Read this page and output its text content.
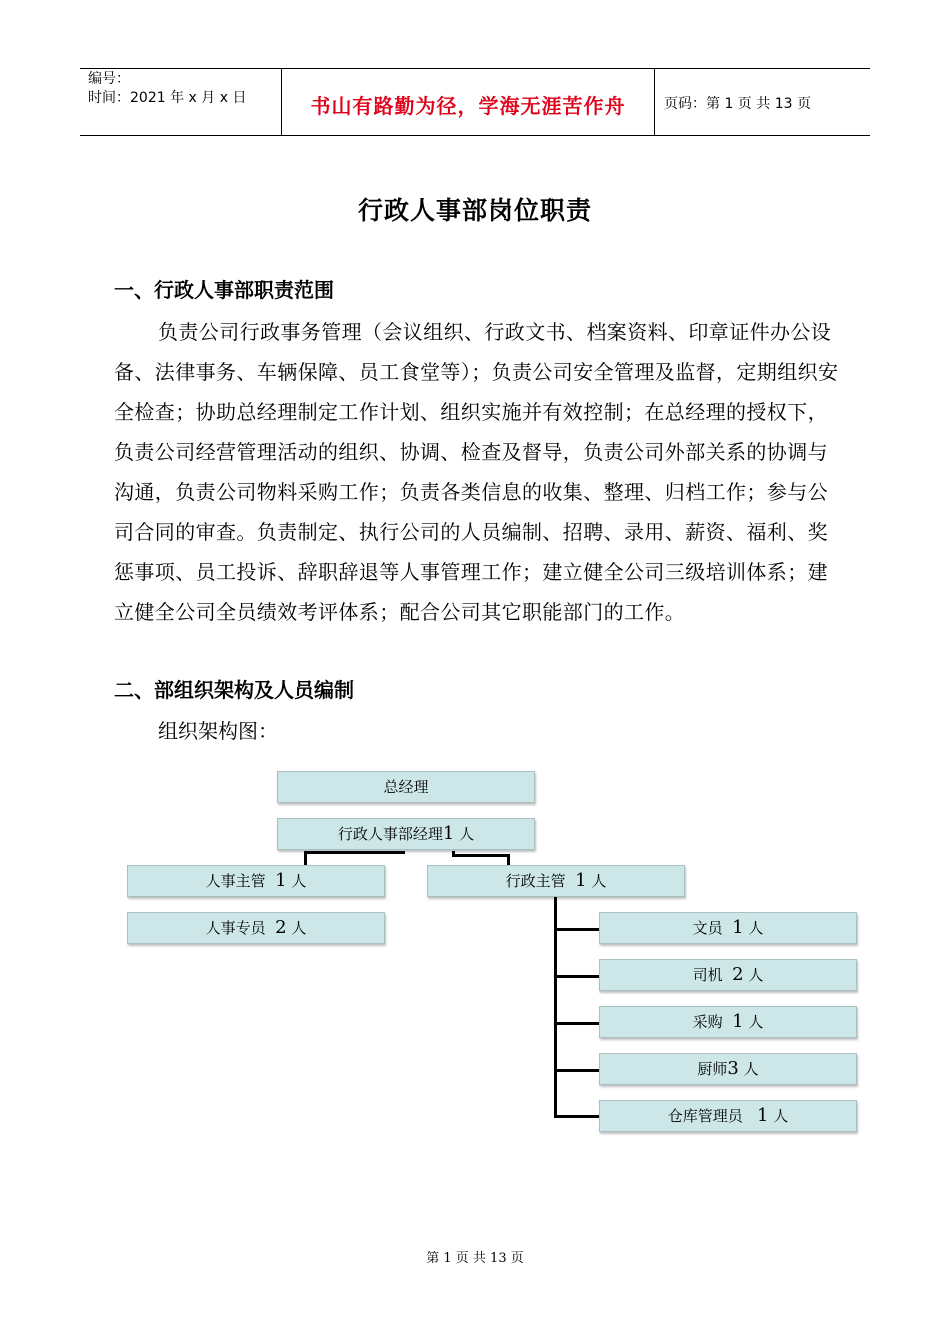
编号：
时间：2021 年 x 月 x 日	书山有路勤为径，学海无涯苦作舟	页码：第 1 页 共 13 页
行政人事部岗位职责
一、行政人事部职责范围

负责公司行政事务管理（会议组织、行政文书、档案资料、印章证件办公设备、法律事务、车辆保障、员工食堂等）；负责公司安全管理及监督，定期组织安全检查；协助总经理制定工作计划、组织实施并有效控制；在总经理的授权下，负责公司经营管理活动的组织、协调、检查及督导，负责公司外部关系的协调与沟通，负责公司物料采购工作；负责各类信息的收集、整理、归档工作；参与公司合同的审查。负责制定、执行公司的人员编制、招聘、录用、薪资、福利、奖惩事项、员工投诉、辞职辞退等人事管理工作；建立健全公司三级培训体系；建立健全公司全员绩效考评体系；配合公司其它职能部门的工作。

二、部组织架构及人员编制
组织架构图：
总经理
行政人事部经理1 人
人事主管 1 人
人事专员 2 人
行政主管 1 人
文员 1 人
司机 2 人
采购 1 人
厨师3 人
仓库管理员 1 人
第 1 页 共 13 页
